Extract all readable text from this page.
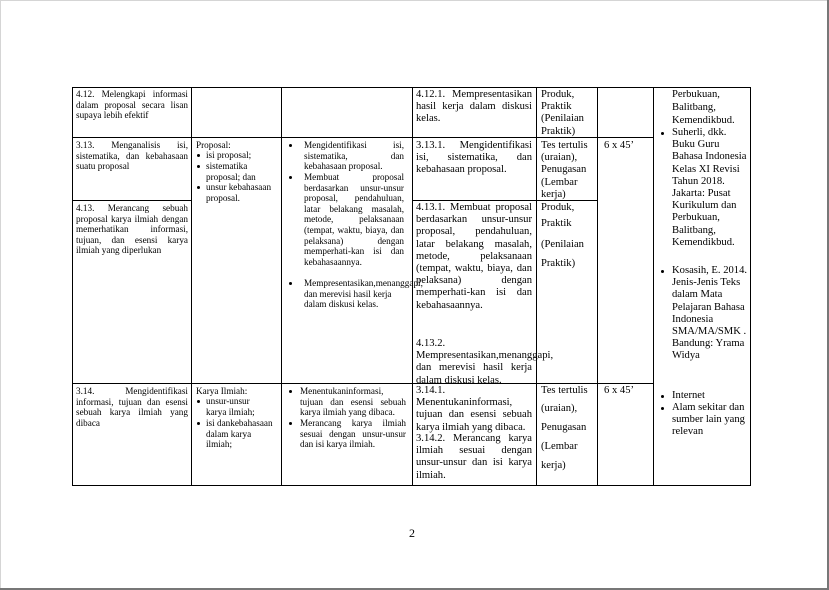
4.12. Melengkapi informasi dalam proposal secara lisan supaya lebih efektif
4.12.1. Mempresentasikan hasil kerja dalam diskusi kelas.
Produk, Praktik (Penilaian Praktik)
3.13. Menganalisis isi, sistematika, dan kebahasaan suatu proposal
3.13.1. Mengidentifikasi isi, sistematika, dan kebahasaan proposal.
Tes tertulis (uraian), Penugasan (Lembar kerja)
Proposal:
isi proposal;
sistematika proposal; dan
unsur kebahasaan proposal.
Mengidentifikasi isi, sistematika, dan kebahasaan proposal.
Membuat proposal berdasarkan unsur-unsur proposal, pendahuluan, latar belakang masalah, metode, pelaksanaan (tempat, waktu, biaya, dan pelaksana) dengan memperhati-kan isi dan kebahasaannya.
Mempresentasikan,menanggapi, dan merevisi hasil kerja dalam diskusi kelas.
6 x 45’
4.13. Merancang sebuah proposal karya ilmiah dengan memerhatikan informasi, tujuan, dan esensi karya ilmiah yang diperlukan
4.13.1. Membuat proposal berdasarkan unsur-unsur proposal, pendahuluan, latar belakang masalah, metode, pelaksanaan (tempat, waktu, biaya, dan pelaksana) dengan memperhati-kan isi dan kebahasaannya.
4.13.2. Mempresentasikan,menanggapi, dan merevisi hasil kerja dalam diskusi kelas.
Produk,
Praktik
(Penilaian
Praktik)
3.14. Mengidentifikasi informasi, tujuan dan esensi sebuah karya ilmiah yang dibaca
Karya Ilmiah:
unsur-unsur karya ilmiah;
isi dankebahasaan dalam karya ilmiah;
Menentukaninformasi, tujuan dan esensi sebuah karya ilmiah yang dibaca.
Merancang karya ilmiah sesuai dengan unsur-unsur dan isi karya ilmiah.
3.14.1. Menentukaninformasi, tujuan dan esensi sebuah karya ilmiah yang dibaca.
3.14.2. Merancang karya ilmiah sesuai dengan unsur-unsur dan isi karya ilmiah.
Tes tertulis
(uraian),
Penugasan
(Lembar
kerja)
6 x 45’
Perbukuan,
Balitbang,
Kemendikbud.
Suherli, dkk. Buku Guru Bahasa Indonesia Kelas XI Revisi Tahun 2018. Jakarta: Pusat Kurikulum dan Perbukuan, Balitbang, Kemendikbud.
Kosasih, E. 2014. Jenis-Jenis Teks dalam Mata Pelajaran Bahasa Indonesia SMA/MA/SMK . Bandung: Yrama Widya
Internet
Alam sekitar dan sumber lain yang relevan
2
